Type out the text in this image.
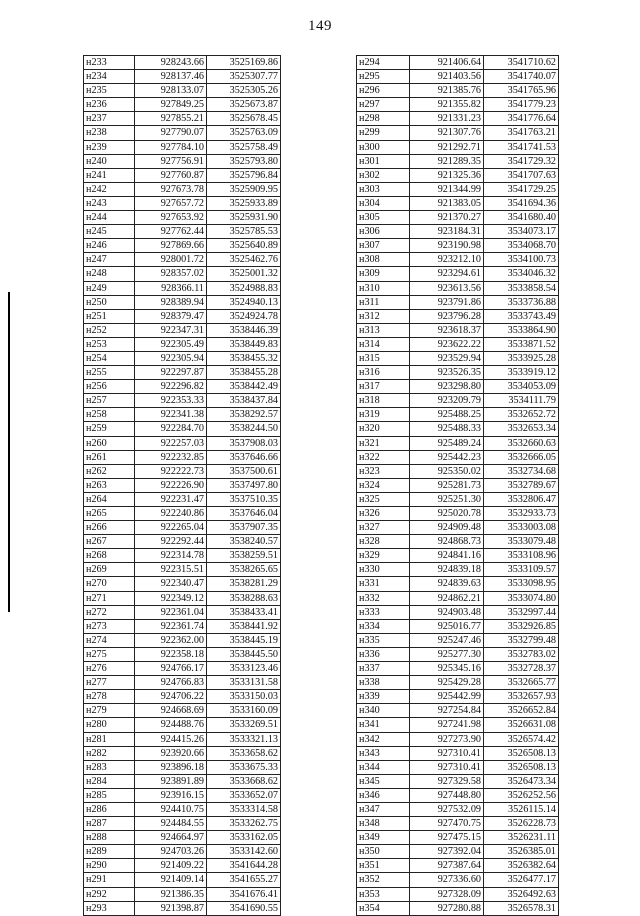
149
н233	928243.66	3525169.86
н234	928137.46	3525307.77
н235	928133.07	3525305.26
н236	927849.25	3525673.87
н237	927855.21	3525678.45
н238	927790.07	3525763.09
н239	927784.10	3525758.49
н240	927756.91	3525793.80
н241	927760.87	3525796.84
н242	927673.78	3525909.95
н243	927657.72	3525933.89
н244	927653.92	3525931.90
н245	927762.44	3525785.53
н246	927869.66	3525640.89
н247	928001.72	3525462.76
н248	928357.02	3525001.32
н249	928366.11	3524988.83
н250	928389.94	3524940.13
н251	928379.47	3524924.78
н252	922347.31	3538446.39
н253	922305.49	3538449.83
н254	922305.94	3538455.32
н255	922297.87	3538455.28
н256	922296.82	3538442.49
н257	922353.33	3538437.84
н258	922341.38	3538292.57
н259	922284.70	3538244.50
н260	922257.03	3537908.03
н261	922232.85	3537646.66
н262	922222.73	3537500.61
н263	922226.90	3537497.80
н264	922231.47	3537510.35
н265	922240.86	3537646.04
н266	922265.04	3537907.35
н267	922292.44	3538240.57
н268	922314.78	3538259.51
н269	922315.51	3538265.65
н270	922340.47	3538281.29
н271	922349.12	3538288.63
н272	922361.04	3538433.41
н273	922361.74	3538441.92
н274	922362.00	3538445.19
н275	922358.18	3538445.50
н276	924766.17	3533123.46
н277	924766.83	3533131.58
н278	924706.22	3533150.03
н279	924668.69	3533160.09
н280	924488.76	3533269.51
н281	924415.26	3533321.13
н282	923920.66	3533658.62
н283	923896.18	3533675.33
н284	923891.89	3533668.62
н285	923916.15	3533652.07
н286	924410.75	3533314.58
н287	924484.55	3533262.75
н288	924664.97	3533162.05
н289	924703.26	3533142.60
н290	921409.22	3541644.28
н291	921409.14	3541655.27
н292	921386.35	3541676.41
н293	921398.87	3541690.55
н294	921406.64	3541710.62
н295	921403.56	3541740.07
н296	921385.76	3541765.96
н297	921355.82	3541779.23
н298	921331.23	3541776.64
н299	921307.76	3541763.21
н300	921292.71	3541741.53
н301	921289.35	3541729.32
н302	921325.36	3541707.63
н303	921344.99	3541729.25
н304	921383.05	3541694.36
н305	921370.27	3541680.40
н306	923184.31	3534073.17
н307	923190.98	3534068.70
н308	923212.10	3534100.73
н309	923294.61	3534046.32
н310	923613.56	3533858.54
н311	923791.86	3533736.88
н312	923796.28	3533743.49
н313	923618.37	3533864.90
н314	923622.22	3533871.52
н315	923529.94	3533925.28
н316	923526.35	3533919.12
н317	923298.80	3534053.09
н318	923209.79	3534111.79
н319	925488.25	3532652.72
н320	925488.33	3532653.34
н321	925489.24	3532660.63
н322	925442.23	3532666.05
н323	925350.02	3532734.68
н324	925281.73	3532789.67
н325	925251.30	3532806.47
н326	925020.78	3532933.73
н327	924909.48	3533003.08
н328	924868.73	3533079.48
н329	924841.16	3533108.96
н330	924839.18	3533109.57
н331	924839.63	3533098.95
н332	924862.21	3533074.80
н333	924903.48	3532997.44
н334	925016.77	3532926.85
н335	925247.46	3532799.48
н336	925277.30	3532783.02
н337	925345.16	3532728.37
н338	925429.28	3532665.77
н339	925442.99	3532657.93
н340	927254.84	3526652.84
н341	927241.98	3526631.08
н342	927273.90	3526574.42
н343	927310.41	3526508.13
н344	927310.41	3526508.13
н345	927329.58	3526473.34
н346	927448.80	3526252.56
н347	927532.09	3526115.14
н348	927470.75	3526228.73
н349	927475.15	3526231.11
н350	927392.04	3526385.01
н351	927387.64	3526382.64
н352	927336.60	3526477.17
н353	927328.09	3526492.63
н354	927280.88	3526578.31
